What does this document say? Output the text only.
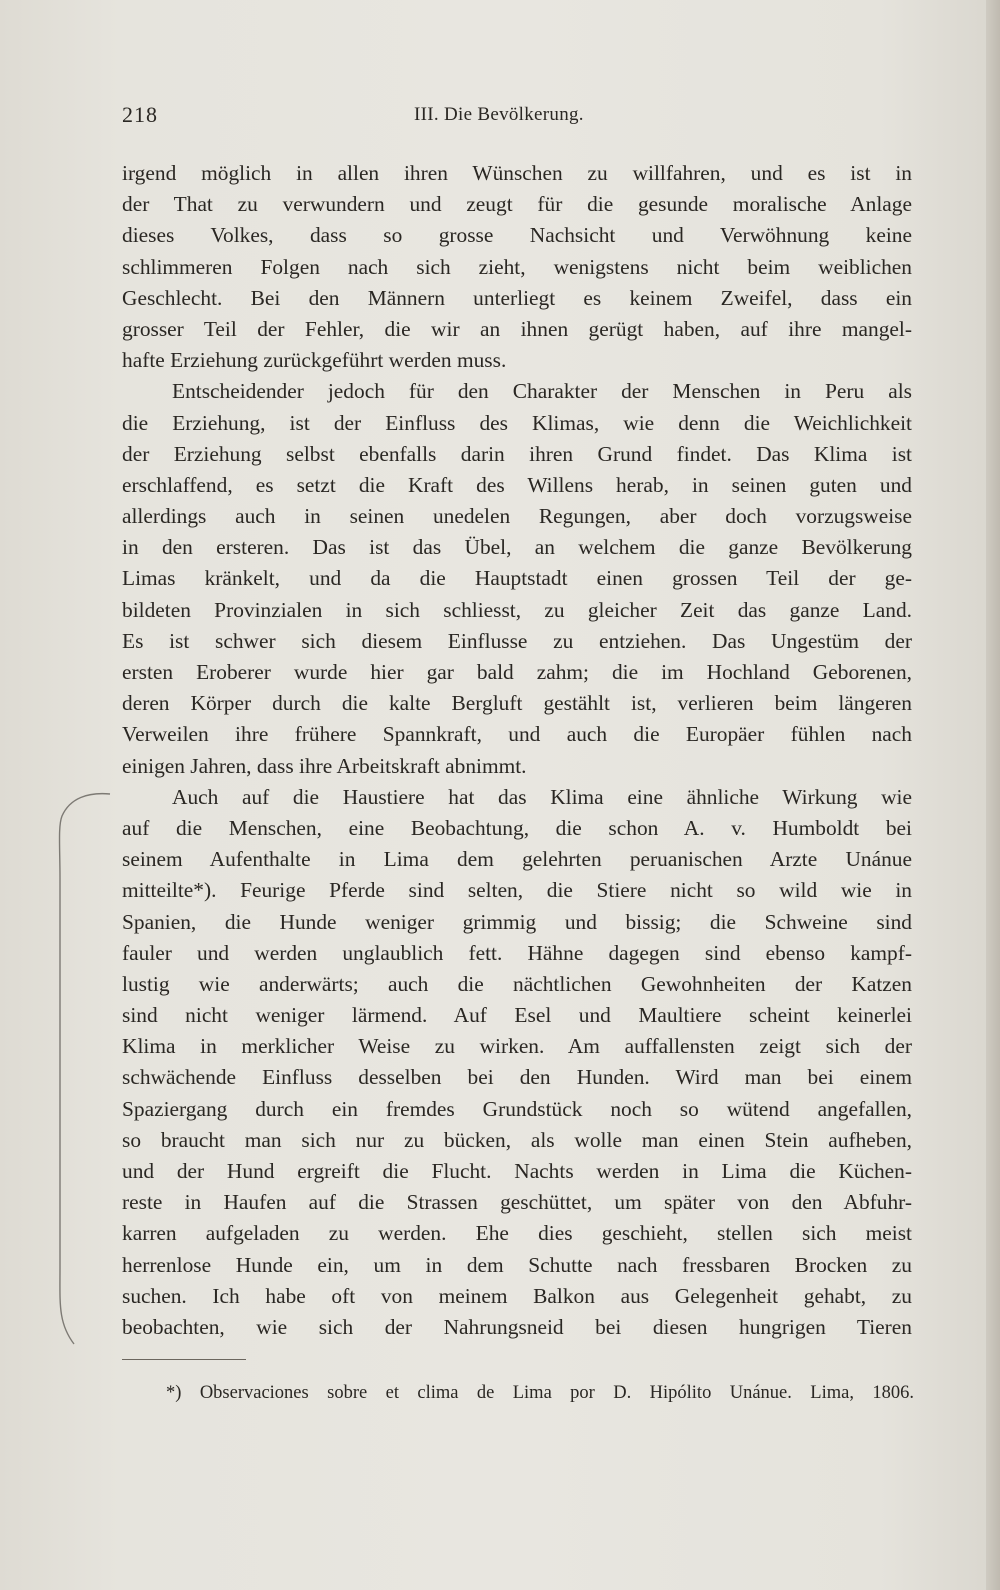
218	III. Die Bevölkerung.
irgend möglich in allen ihren Wünschen zu willfahren, und es ist in
der That zu verwundern und zeugt für die gesunde moralische Anlage
dieses Volkes, dass so grosse Nachsicht und Verwöhnung keine
schlimmeren Folgen nach sich zieht, wenigstens nicht beim weiblichen
Geschlecht. Bei den Männern unterliegt es keinem Zweifel, dass ein
grosser Teil der Fehler, die wir an ihnen gerügt haben, auf ihre mangel-
hafte Erziehung zurückgeführt werden muss.
Entscheidender jedoch für den Charakter der Menschen in Peru als
die Erziehung, ist der Einfluss des Klimas, wie denn die Weichlichkeit
der Erziehung selbst ebenfalls darin ihren Grund findet. Das Klima ist
erschlaffend, es setzt die Kraft des Willens herab, in seinen guten und
allerdings auch in seinen unedelen Regungen, aber doch vorzugsweise
in den ersteren. Das ist das Übel, an welchem die ganze Bevölkerung
Limas kränkelt, und da die Hauptstadt einen grossen Teil der ge-
bildeten Provinzialen in sich schliesst, zu gleicher Zeit das ganze Land.
Es ist schwer sich diesem Einflusse zu entziehen. Das Ungestüm der
ersten Eroberer wurde hier gar bald zahm; die im Hochland Geborenen,
deren Körper durch die kalte Bergluft gestählt ist, verlieren beim längeren
Verweilen ihre frühere Spannkraft, und auch die Europäer fühlen nach
einigen Jahren, dass ihre Arbeitskraft abnimmt.
Auch auf die Haustiere hat das Klima eine ähnliche Wirkung wie
auf die Menschen, eine Beobachtung, die schon A. v. Humboldt bei
seinem Aufenthalte in Lima dem gelehrten peruanischen Arzte Unánue
mitteilte*). Feurige Pferde sind selten, die Stiere nicht so wild wie in
Spanien, die Hunde weniger grimmig und bissig; die Schweine sind
fauler und werden unglaublich fett. Hähne dagegen sind ebenso kampf-
lustig wie anderwärts; auch die nächtlichen Gewohnheiten der Katzen
sind nicht weniger lärmend. Auf Esel und Maultiere scheint keinerlei
Klima in merklicher Weise zu wirken. Am auffallensten zeigt sich der
schwächende Einfluss desselben bei den Hunden. Wird man bei einem
Spaziergang durch ein fremdes Grundstück noch so wütend angefallen,
so braucht man sich nur zu bücken, als wolle man einen Stein aufheben,
und der Hund ergreift die Flucht. Nachts werden in Lima die Küchen-
reste in Haufen auf die Strassen geschüttet, um später von den Abfuhr-
karren aufgeladen zu werden. Ehe dies geschieht, stellen sich meist
herrenlose Hunde ein, um in dem Schutte nach fressbaren Brocken zu
suchen. Ich habe oft von meinem Balkon aus Gelegenheit gehabt, zu
beobachten, wie sich der Nahrungsneid bei diesen hungrigen Tieren
*) Observaciones sobre et clima de Lima por D. Hipólito Unánue. Lima, 1806.
